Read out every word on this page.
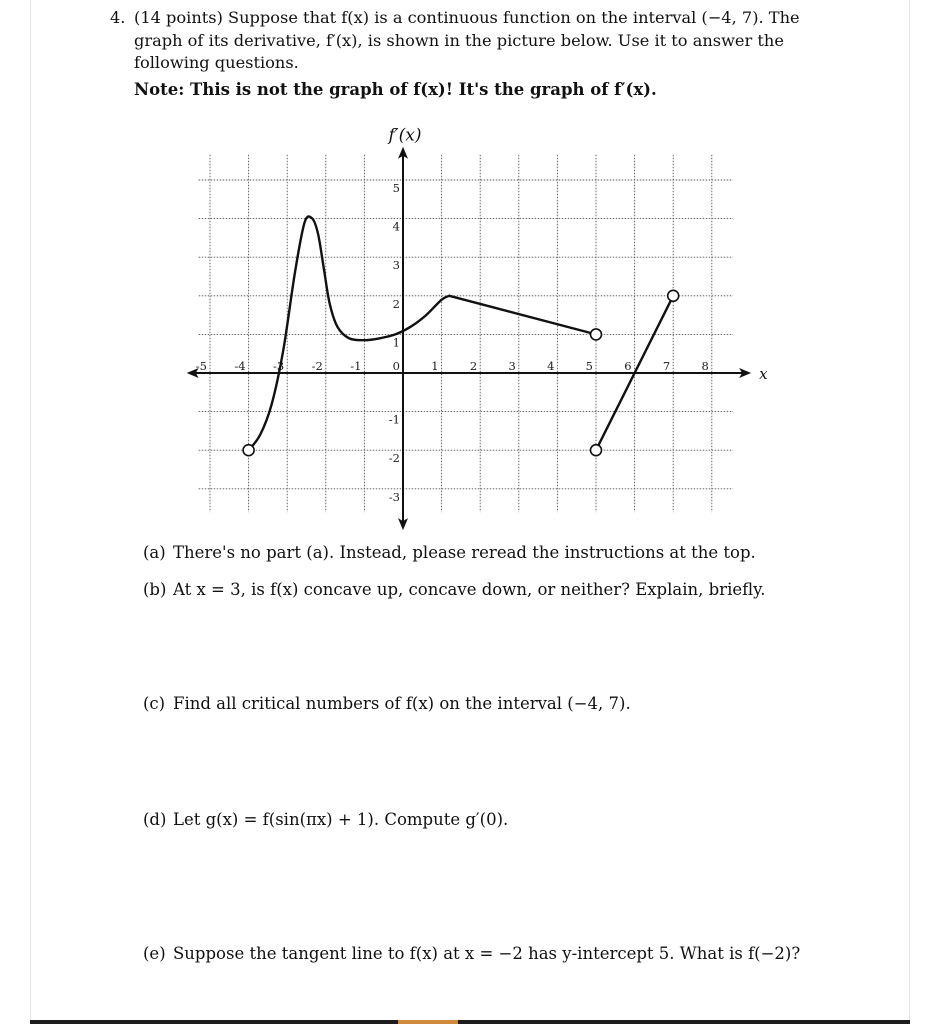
4. (14 points) Suppose that f(x) is a continuous function on the interval (−4, 7). The
graph of its derivative, f′(x), is shown in the picture below. Use it to answer the
following questions.
Note: This is not the graph of f(x)! It's the graph of f′(x).
-5 -4 -3 -2 -1	0	1	2	3	4	5	6	7	8
5
4
3
2
1
-1
-2
-3
f′(x)
x
(a) There's no part (a). Instead, please reread the instructions at the top.
(b) At x = 3, is f(x) concave up, concave down, or neither? Explain, briefly.
(c) Find all critical numbers of f(x) on the interval (−4, 7).
(d) Let g(x) = f(sin(πx) + 1). Compute g′(0).
(e) Suppose the tangent line to f(x) at x = −2 has y-intercept 5. What is f(−2)?
